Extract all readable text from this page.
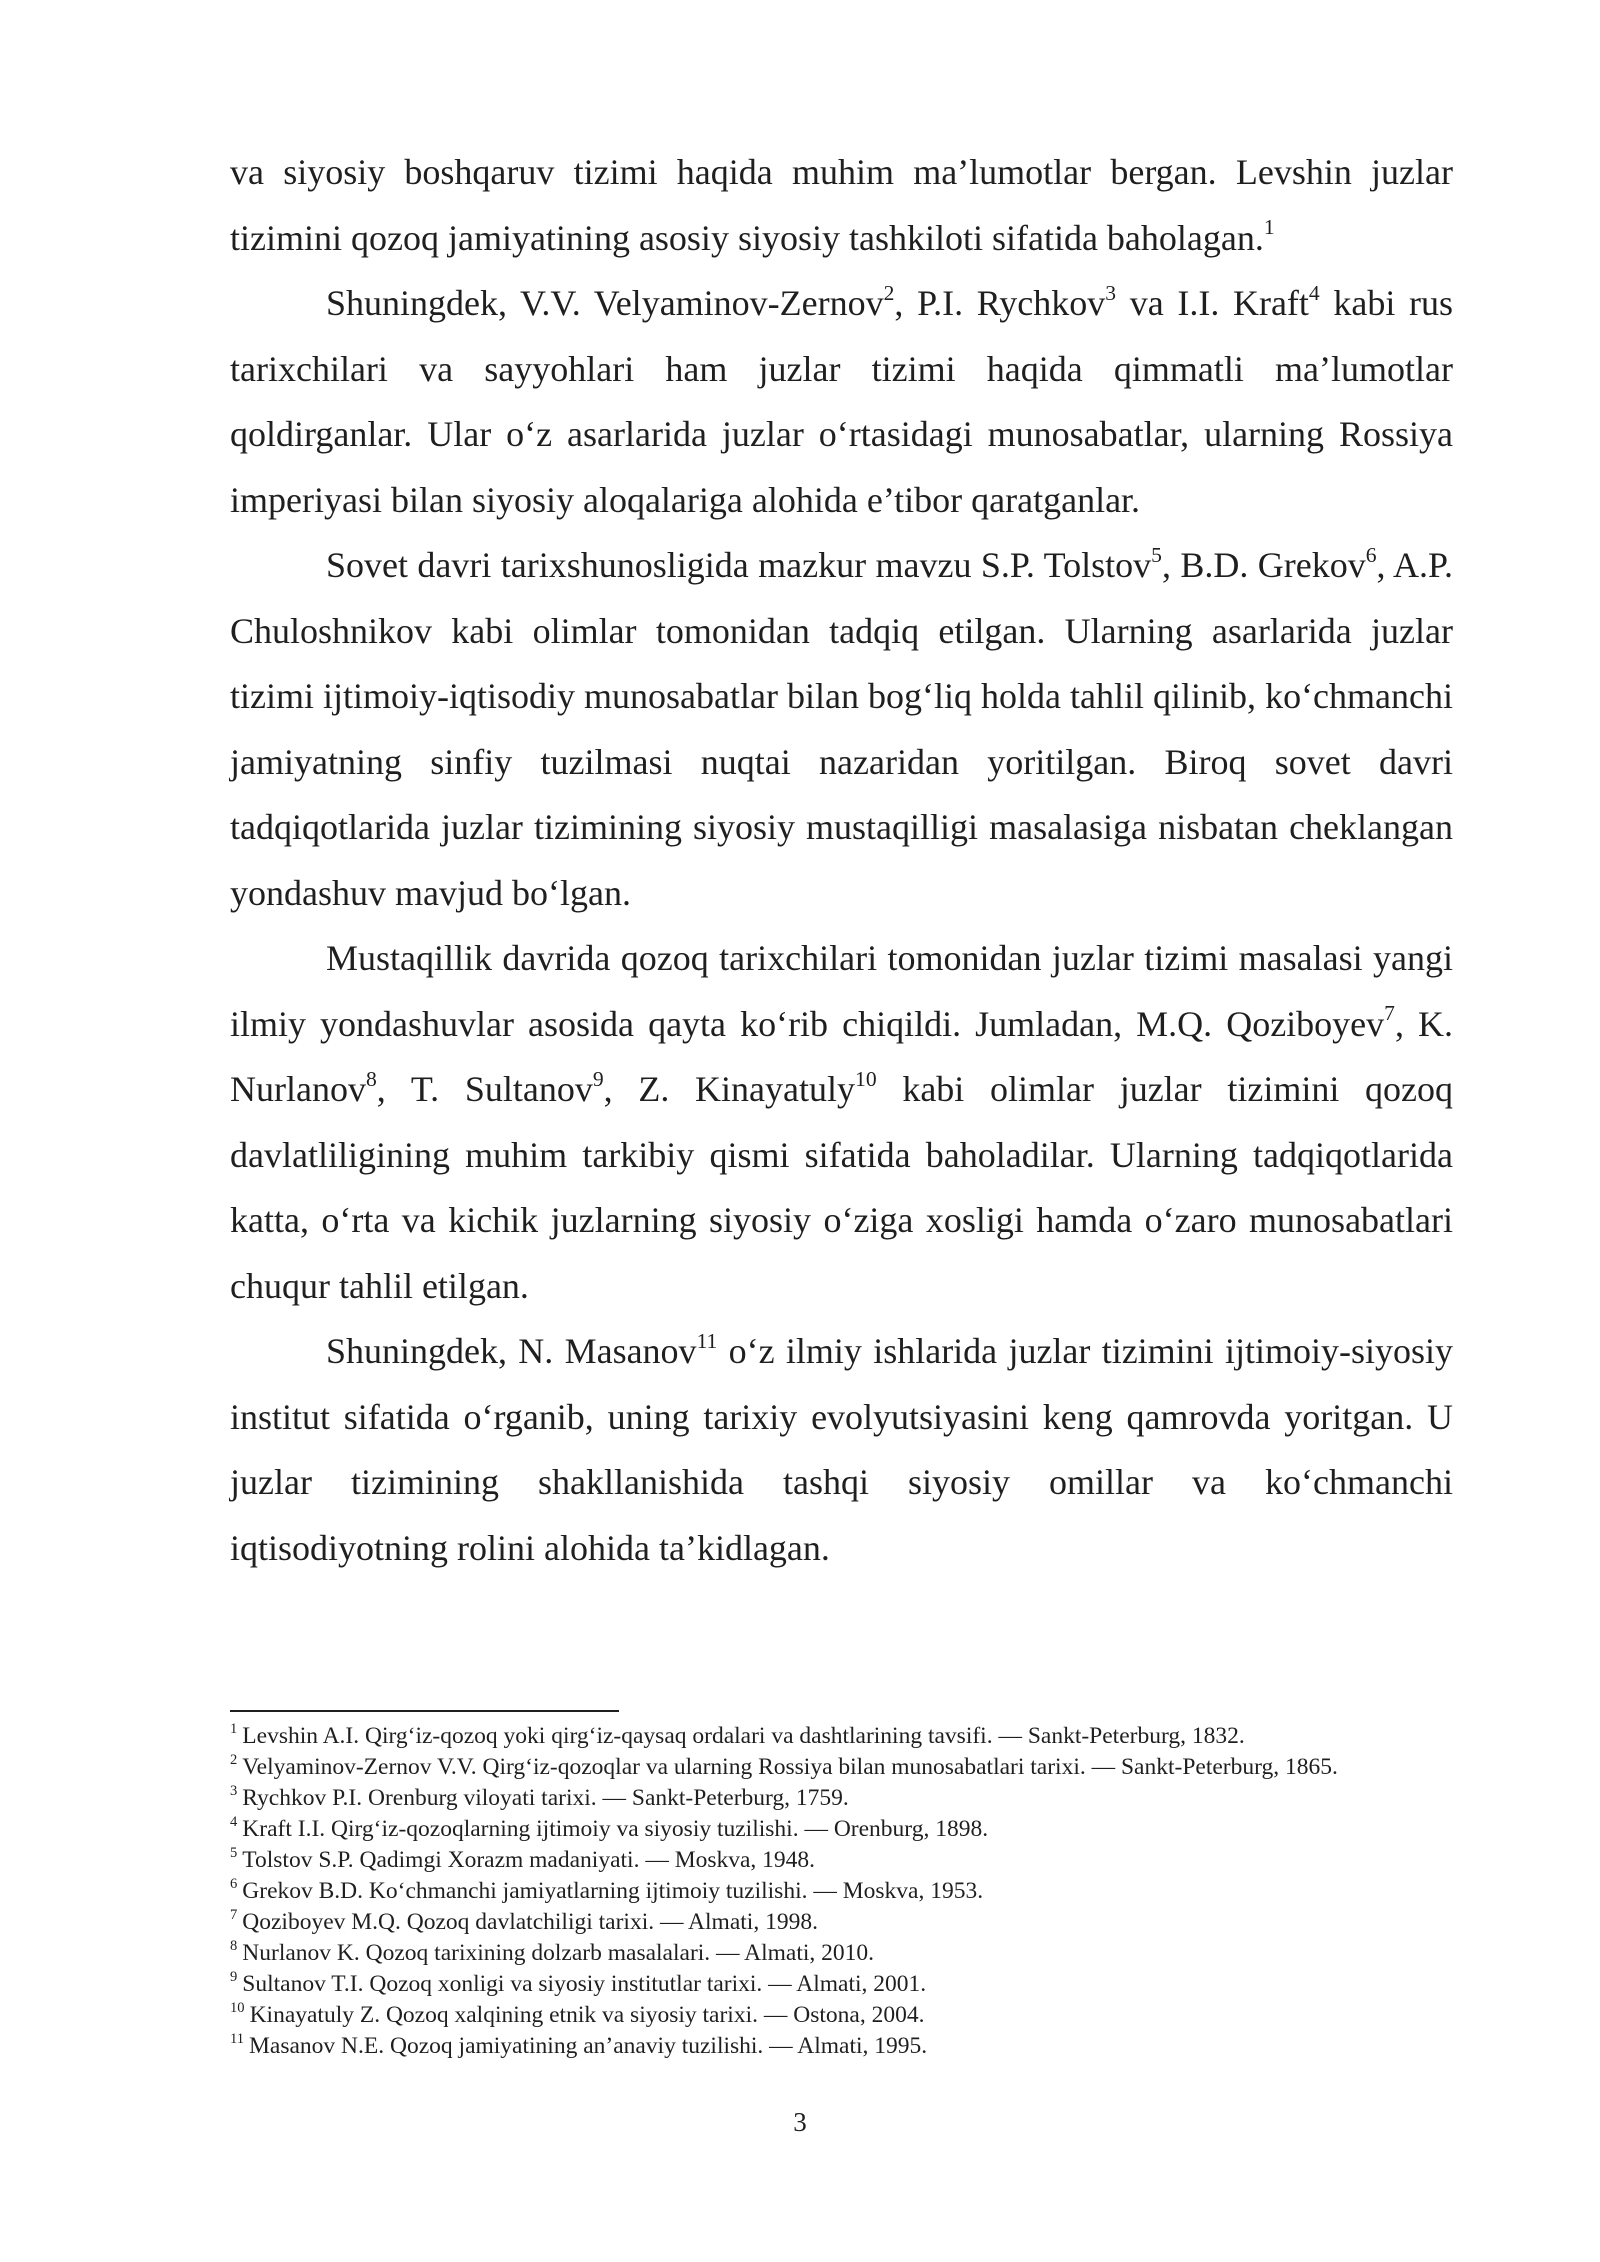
va siyosiy boshqaruv tizimi haqida muhim ma’lumotlar bergan. Levshin juzlar tizimini qozoq jamiyatining asosiy siyosiy tashkiloti sifatida baholagan.$^1$

Shuningdek, V.V. Velyaminov-Zernov$^2$, P.I. Rychkov$^3$ va I.I. Kraft$^4$ kabi rus tarixchilari va sayyohlari ham juzlar tizimi haqida qimmatli ma’lumotlar qoldirganlar. Ular o‘z asarlarida juzlar o‘rtasidagi munosabatlar, ularning Rossiya imperiyasi bilan siyosiy aloqalariga alohida e’tibor qaratganlar.

Sovet davri tarixshunosligida mazkur mavzu S.P. Tolstov$^5$, B.D. Grekov$^6$, A.P. Chuloshnikov kabi olimlar tomonidan tadqiq etilgan. Ularning asarlarida juzlar tizimi ijtimoiy-iqtisodiy munosabatlar bilan bog‘liq holda tahlil qilinib, ko‘chmanchi jamiyatning sinfiy tuzilmasi nuqtai nazaridan yoritilgan. Biroq sovet davri tadqiqotlarida juzlar tizimining siyosiy mustaqilligi masalasiga nisbatan cheklangan yondashuv mavjud bo‘lgan.

Mustaqillik davrida qozoq tarixchilari tomonidan juzlar tizimi masalasi yangi ilmiy yondashuvlar asosida qayta ko‘rib chiqildi. Jumladan, M.Q. Qoziboyev$^7$, K. Nurlanov$^8$, T. Sultanov$^9$, Z. Kinayatuly$^{10}$ kabi olimlar juzlar tizimini qozoq davlatliligining muhim tarkibiy qismi sifatida baholadilar. Ularning tadqiqotlarida katta, o‘rta va kichik juzlarning siyosiy o‘ziga xosligi hamda o‘zaro munosabatlari chuqur tahlil etilgan.

Shuningdek, N. Masanov$^{11}$ o‘z ilmiy ishlarida juzlar tizimini ijtimoiy-siyosiy institut sifatida o‘rganib, uning tarixiy evolyutsiyasini keng qamrovda yoritgan. U juzlar tizimining shakllanishida tashqi siyosiy omillar va ko‘chmanchi iqtisodiyotning rolini alohida ta’kidlagan.

$^1$ Levshin A.I. Qirg‘iz-qozoq yoki qirg‘iz-qaysaq ordalari va dashtlarining tavsifi. — Sankt-Peterburg, 1832.

$^2$ Velyaminov-Zernov V.V. Qirg‘iz-qozoqlar va ularning Rossiya bilan munosabatlari tarixi. — Sankt-Peterburg, 1865.

$^3$ Rychkov P.I. Orenburg viloyati tarixi. — Sankt-Peterburg, 1759.

$^4$ Kraft I.I. Qirg‘iz-qozoqlarning ijtimoiy va siyosiy tuzilishi. — Orenburg, 1898.

$^5$ Tolstov S.P. Qadimgi Xorazm madaniyati. — Moskva, 1948.

$^6$ Grekov B.D. Ko‘chmanchi jamiyatlarning ijtimoiy tuzilishi. — Moskva, 1953.

$^7$ Qoziboyev M.Q. Qozoq davlatchiligi tarixi. — Almati, 1998.

$^8$ Nurlanov K. Qozoq tarixining dolzarb masalalari. — Almati, 2010.

$^9$ Sultanov T.I. Qozoq xonligi va siyosiy institutlar tarixi. — Almati, 2001.

$^{10}$ Kinayatuly Z. Qozoq xalqining etnik va siyosiy tarixi. — Ostona, 2004.

$^{11}$ Masanov N.E. Qozoq jamiyatining an’anaviy tuzilishi. — Almati, 1995.

3
